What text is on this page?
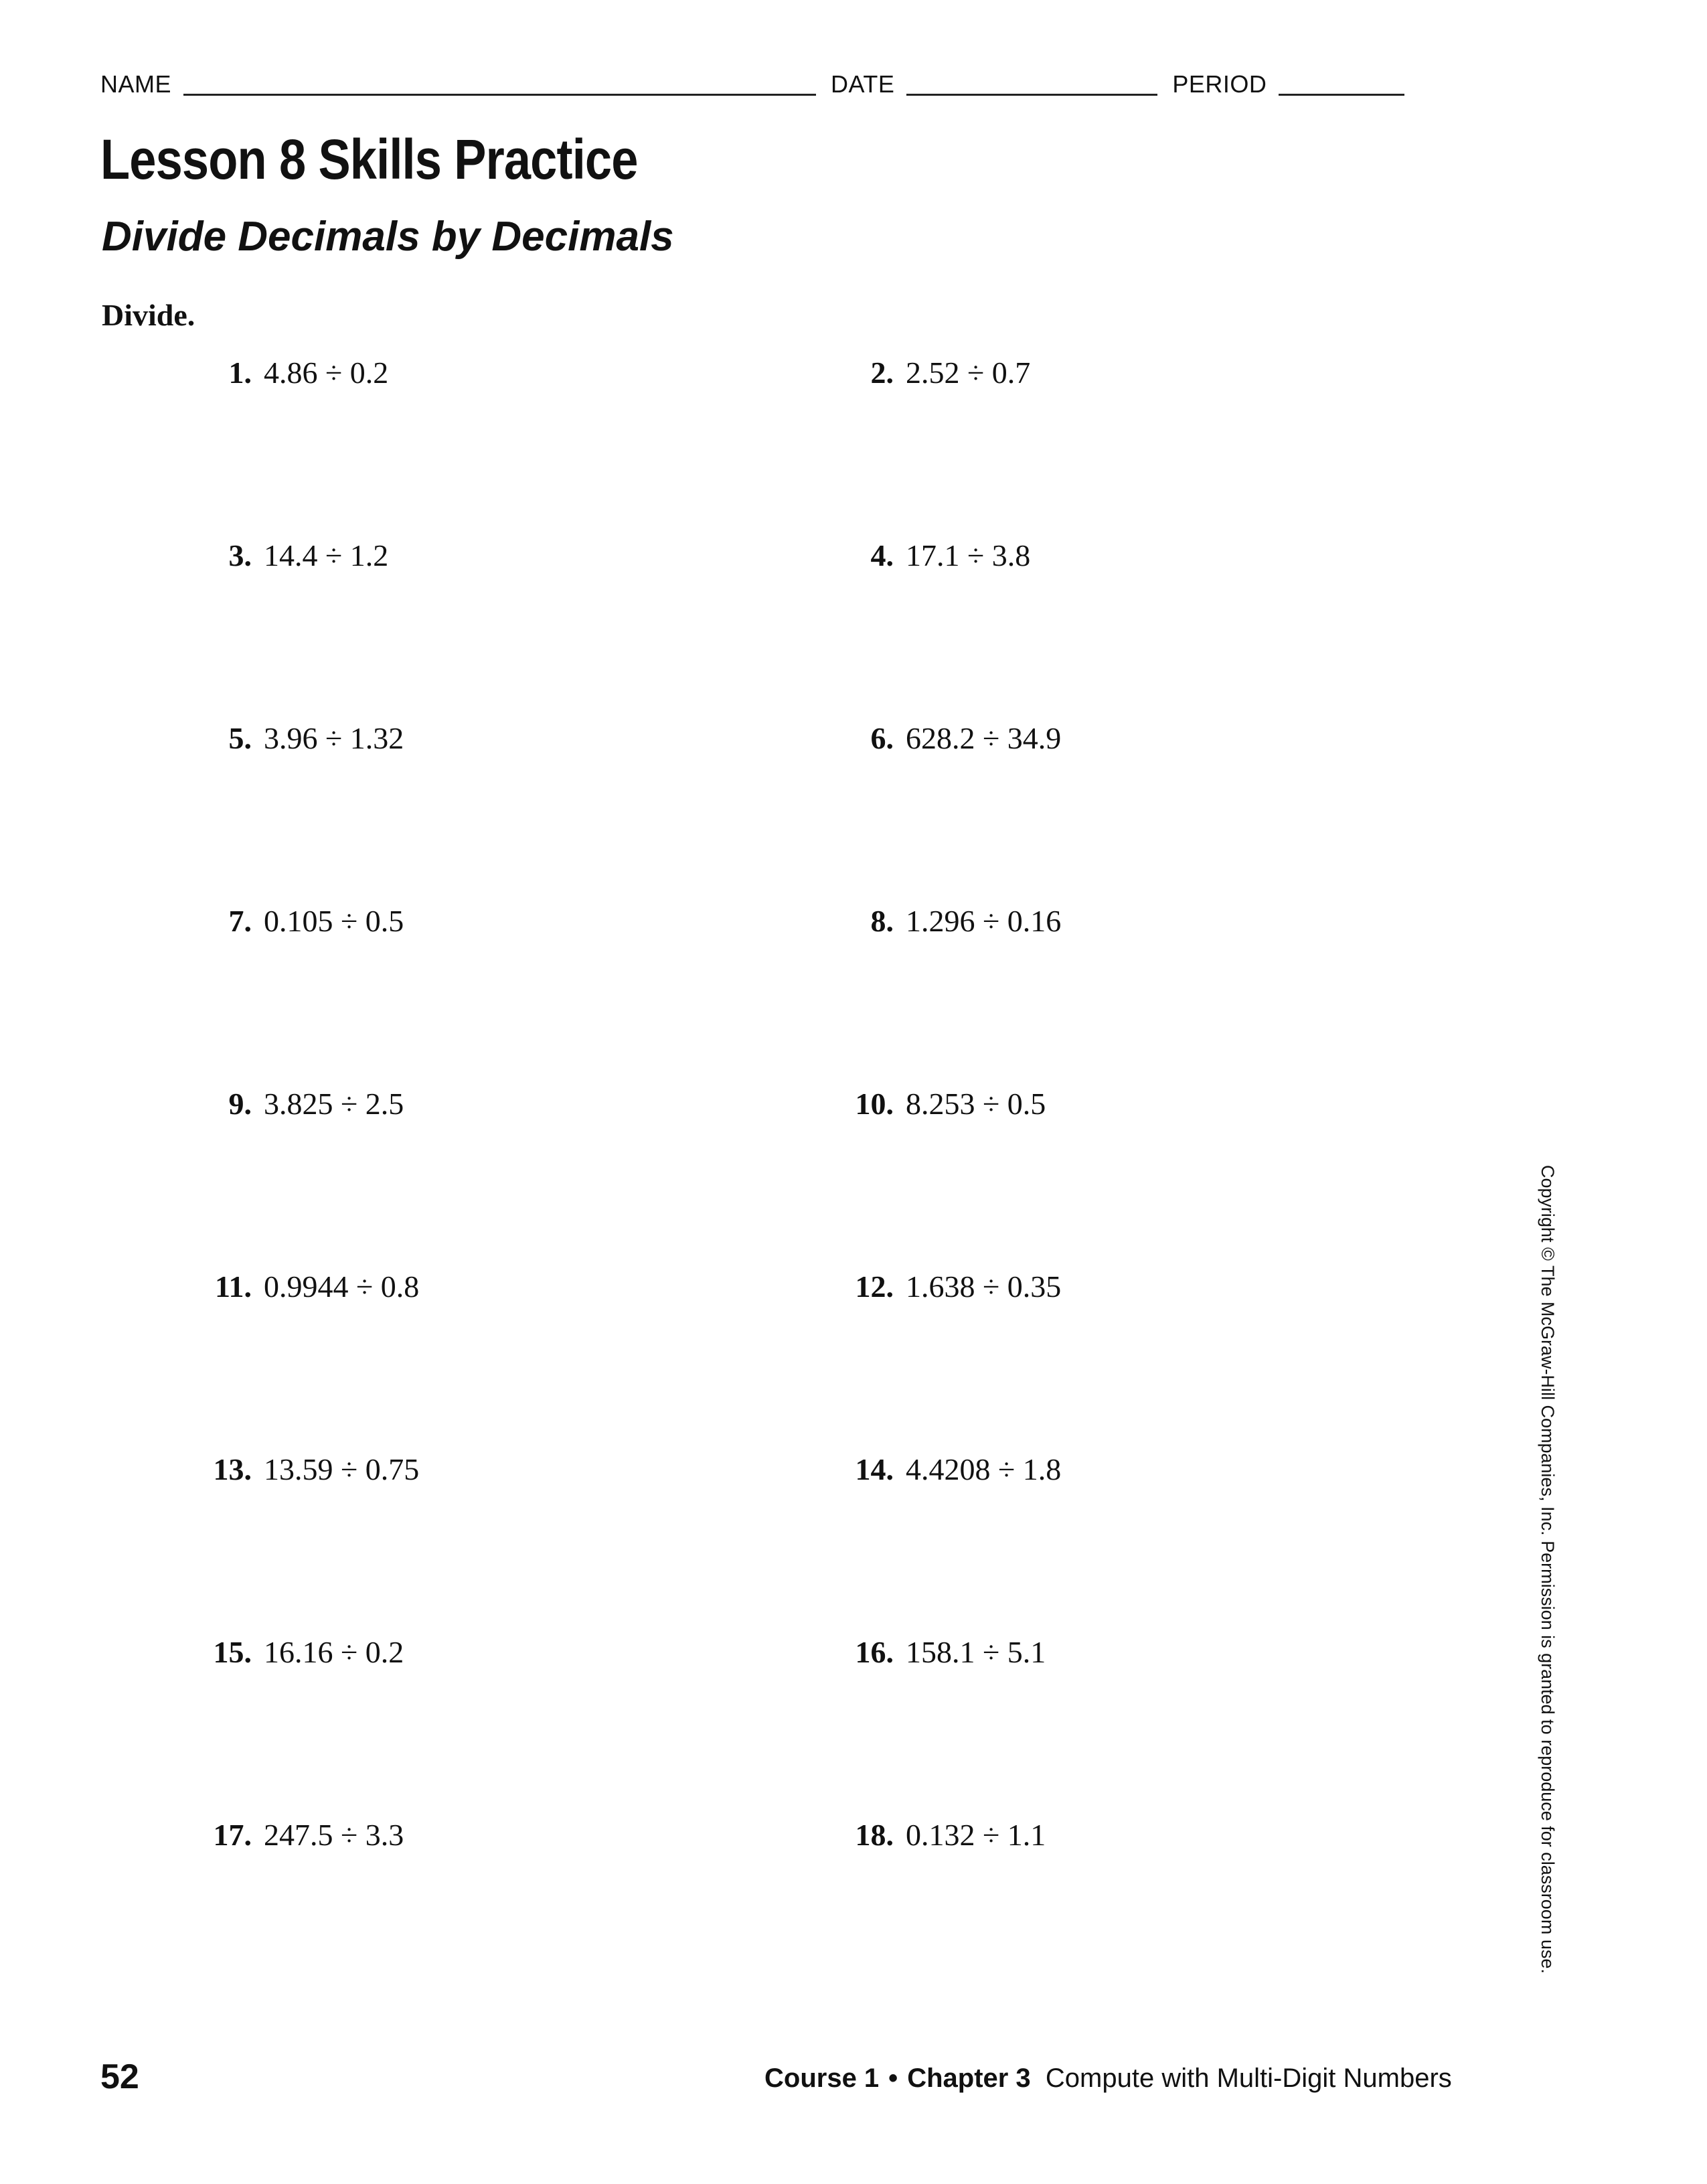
NAME	DATE	PERIOD
Lesson 8 Skills Practice
Divide Decimals by Decimals

Divide.

1. 4.86 ÷ 0.2	2. 2.52 ÷ 0.7
3. 14.4 ÷ 1.2	4. 17.1 ÷ 3.8
5. 3.96 ÷ 1.32	6. 628.2 ÷ 34.9
7. 0.105 ÷ 0.5	8. 1.296 ÷ 0.16
9. 3.825 ÷ 2.5	10. 8.253 ÷ 0.5
11. 0.9944 ÷ 0.8	12. 1.638 ÷ 0.35
13. 13.59 ÷ 0.75	14. 4.4208 ÷ 1.8
15. 16.16 ÷ 0.2	16. 158.1 ÷ 5.1
17. 247.5 ÷ 3.3	18. 0.132 ÷ 1.1	Copyright © The McGraw-Hill Companies, Inc. Permission is granted to reproduce for classroom use.
52	Course 1 • Chapter 3 Compute with Multi-Digit Numbers
